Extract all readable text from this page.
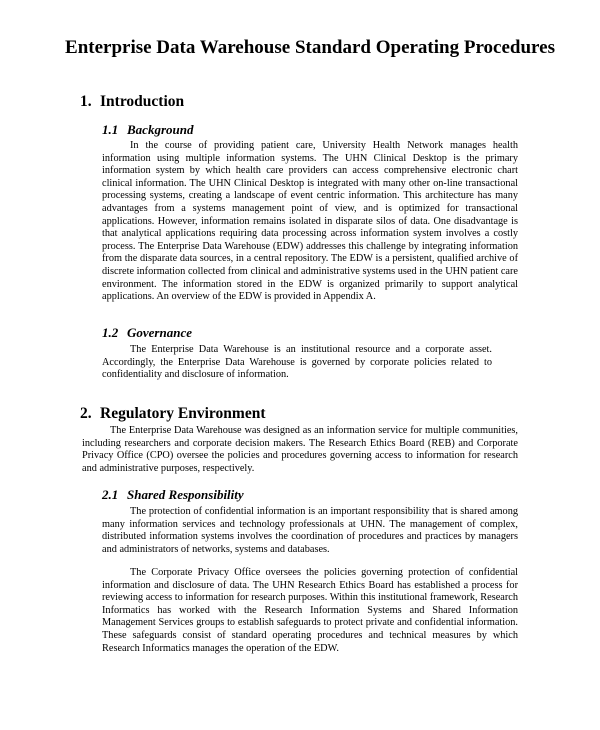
Enterprise Data Warehouse Standard Operating Procedures
1. Introduction
1.1 Background

In the course of providing patient care, University Health Network manages health information using multiple information systems. The UHN Clinical Desktop is the primary information system by which health care providers can access comprehensive electronic chart clinical information. The UHN Clinical Desktop is integrated with many other on-line transactional processing systems, creating a landscape of event centric information. This architecture has many advantages from a systems management point of view, and is optimized for transactional applications. However, information remains isolated in disparate silos of data. One disadvantage is that analytical applications requiring data processing across information system involves a costly process. The Enterprise Data Warehouse (EDW) addresses this challenge by integrating information from the disparate data sources, in a central repository. The EDW is a persistent, qualified archive of discrete information collected from clinical and administrative systems used in the UHN patient care environment. The information stored in the EDW is organized primarily to support analytical applications. An overview of the EDW is provided in Appendix A.

1.2 Governance

The Enterprise Data Warehouse is an institutional resource and a corporate asset. Accordingly, the Enterprise Data Warehouse is governed by corporate policies related to confidentiality and disclosure of information.

2. Regulatory Environment

The Enterprise Data Warehouse was designed as an information service for multiple communities, including researchers and corporate decision makers. The Research Ethics Board (REB) and Corporate Privacy Office (CPO) oversee the policies and procedures governing access to information for research and administrative purposes, respectively.

2.1 Shared Responsibility

The protection of confidential information is an important responsibility that is shared among many information services and technology professionals at UHN. The management of complex, distributed information systems involves the coordination of procedures and practices by managers and administrators of networks, systems and databases.

The Corporate Privacy Office oversees the policies governing protection of confidential information and disclosure of data. The UHN Research Ethics Board has established a process for reviewing access to information for research purposes. Within this institutional framework, Research Informatics has worked with the Research Information Systems and Shared Information Management Services groups to establish safeguards to protect private and confidential information. These safeguards consist of standard operating procedures and technical measures by which Research Informatics manages the operation of the EDW.
